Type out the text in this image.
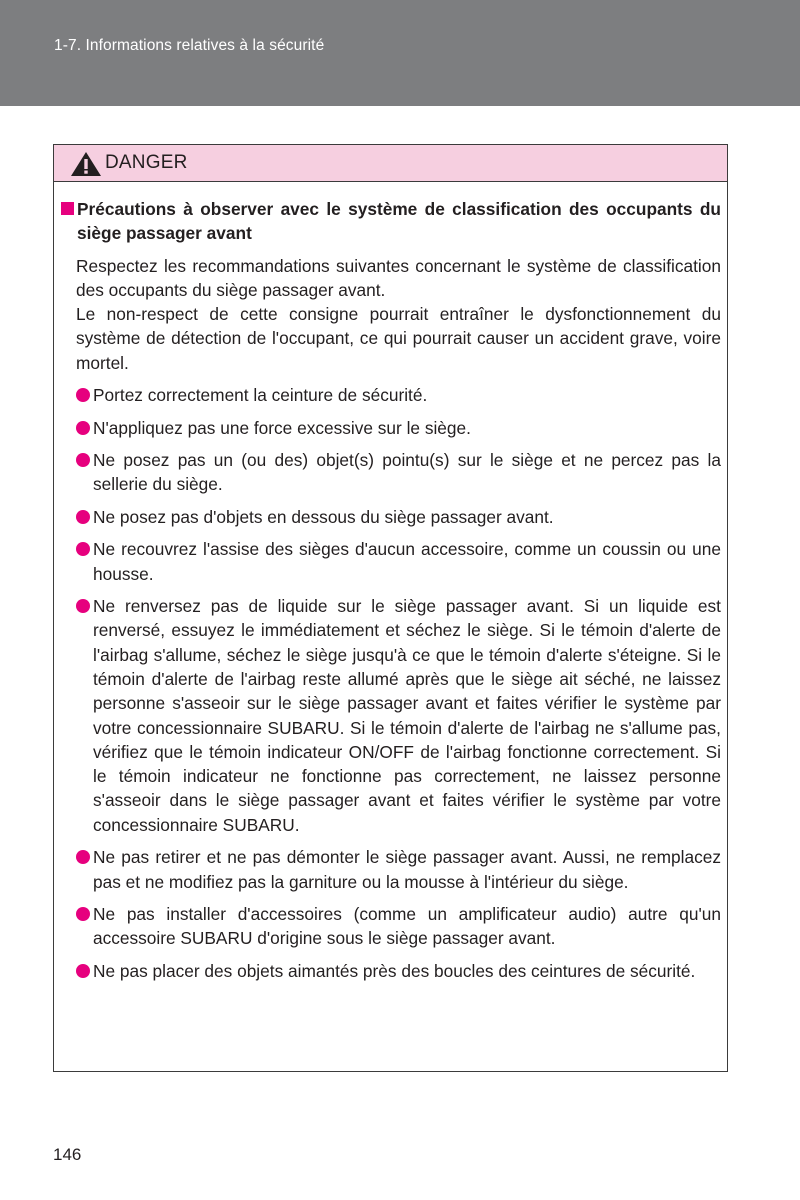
1-7. Informations relatives à la sécurité
DANGER
Précautions à observer avec le système de classification des occupants du siège passager avant

Respectez les recommandations suivantes concernant le système de classification des occupants du siège passager avant.

Le non-respect de cette consigne pourrait entraîner le dysfonctionnement du système de détection de l'occupant, ce qui pourrait causer un accident grave, voire mortel.

Portez correctement la ceinture de sécurité.
N'appliquez pas une force excessive sur le siège.
Ne posez pas un (ou des) objet(s) pointu(s) sur le siège et ne percez pas la sellerie du siège.
Ne posez pas d'objets en dessous du siège passager avant.
Ne recouvrez l'assise des sièges d'aucun accessoire, comme un coussin ou une housse.
Ne renversez pas de liquide sur le siège passager avant. Si un liquide est renversé, essuyez le immédiatement et séchez le siège. Si le témoin d'alerte de l'airbag s'allume, séchez le siège jusqu'à ce que le témoin d'alerte s'éteigne. Si le témoin d'alerte de l'airbag reste allumé après que le siège ait séché, ne laissez personne s'asseoir sur le siège passager avant et faites vérifier le système par votre concessionnaire SUBARU. Si le témoin d'alerte de l'airbag ne s'allume pas, vérifiez que le témoin indicateur ON/OFF de l'airbag fonctionne correctement. Si le témoin indicateur ne fonctionne pas correctement, ne laissez personne s'asseoir dans le siège passager avant et faites vérifier le système par votre concessionnaire SUBARU.
Ne pas retirer et ne pas démonter le siège passager avant. Aussi, ne remplacez pas et ne modifiez pas la garniture ou la mousse à l'intérieur du siège.
Ne pas installer d'accessoires (comme un amplificateur audio) autre qu'un accessoire SUBARU d'origine sous le siège passager avant.
Ne pas placer des objets aimantés près des boucles des ceintures de sécurité.
146
